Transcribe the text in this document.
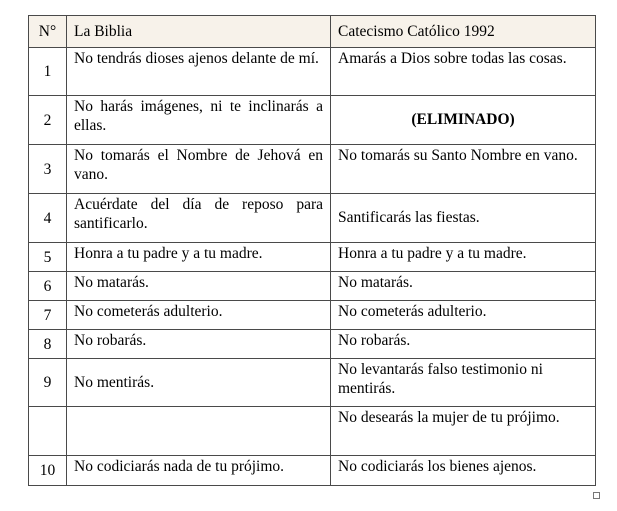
N°	La Biblia	Catecismo Católico 1992
1	No tendrás dioses ajenos delante de mí.	Amarás a Dios sobre todas las cosas.
2	No harás imágenes, ni te inclinarás a ellas.	(ELIMINADO)
3	No tomarás el Nombre de Jehová en vano.	No tomarás su Santo Nombre en vano.
4	Acuérdate del día de reposo para santificarlo.	Santificarás las fiestas.
5	Honra a tu padre y a tu madre.	Honra a tu padre y a tu madre.
6	No matarás.	No matarás.
7	No cometerás adulterio.	No cometerás adulterio.
8	No robarás.	No robarás.
9	No mentirás.	No levantarás falso testimonio ni mentirás.
		No desearás la mujer de tu prójimo.
10	No codiciarás nada de tu prójimo.	No codiciarás los bienes ajenos.
